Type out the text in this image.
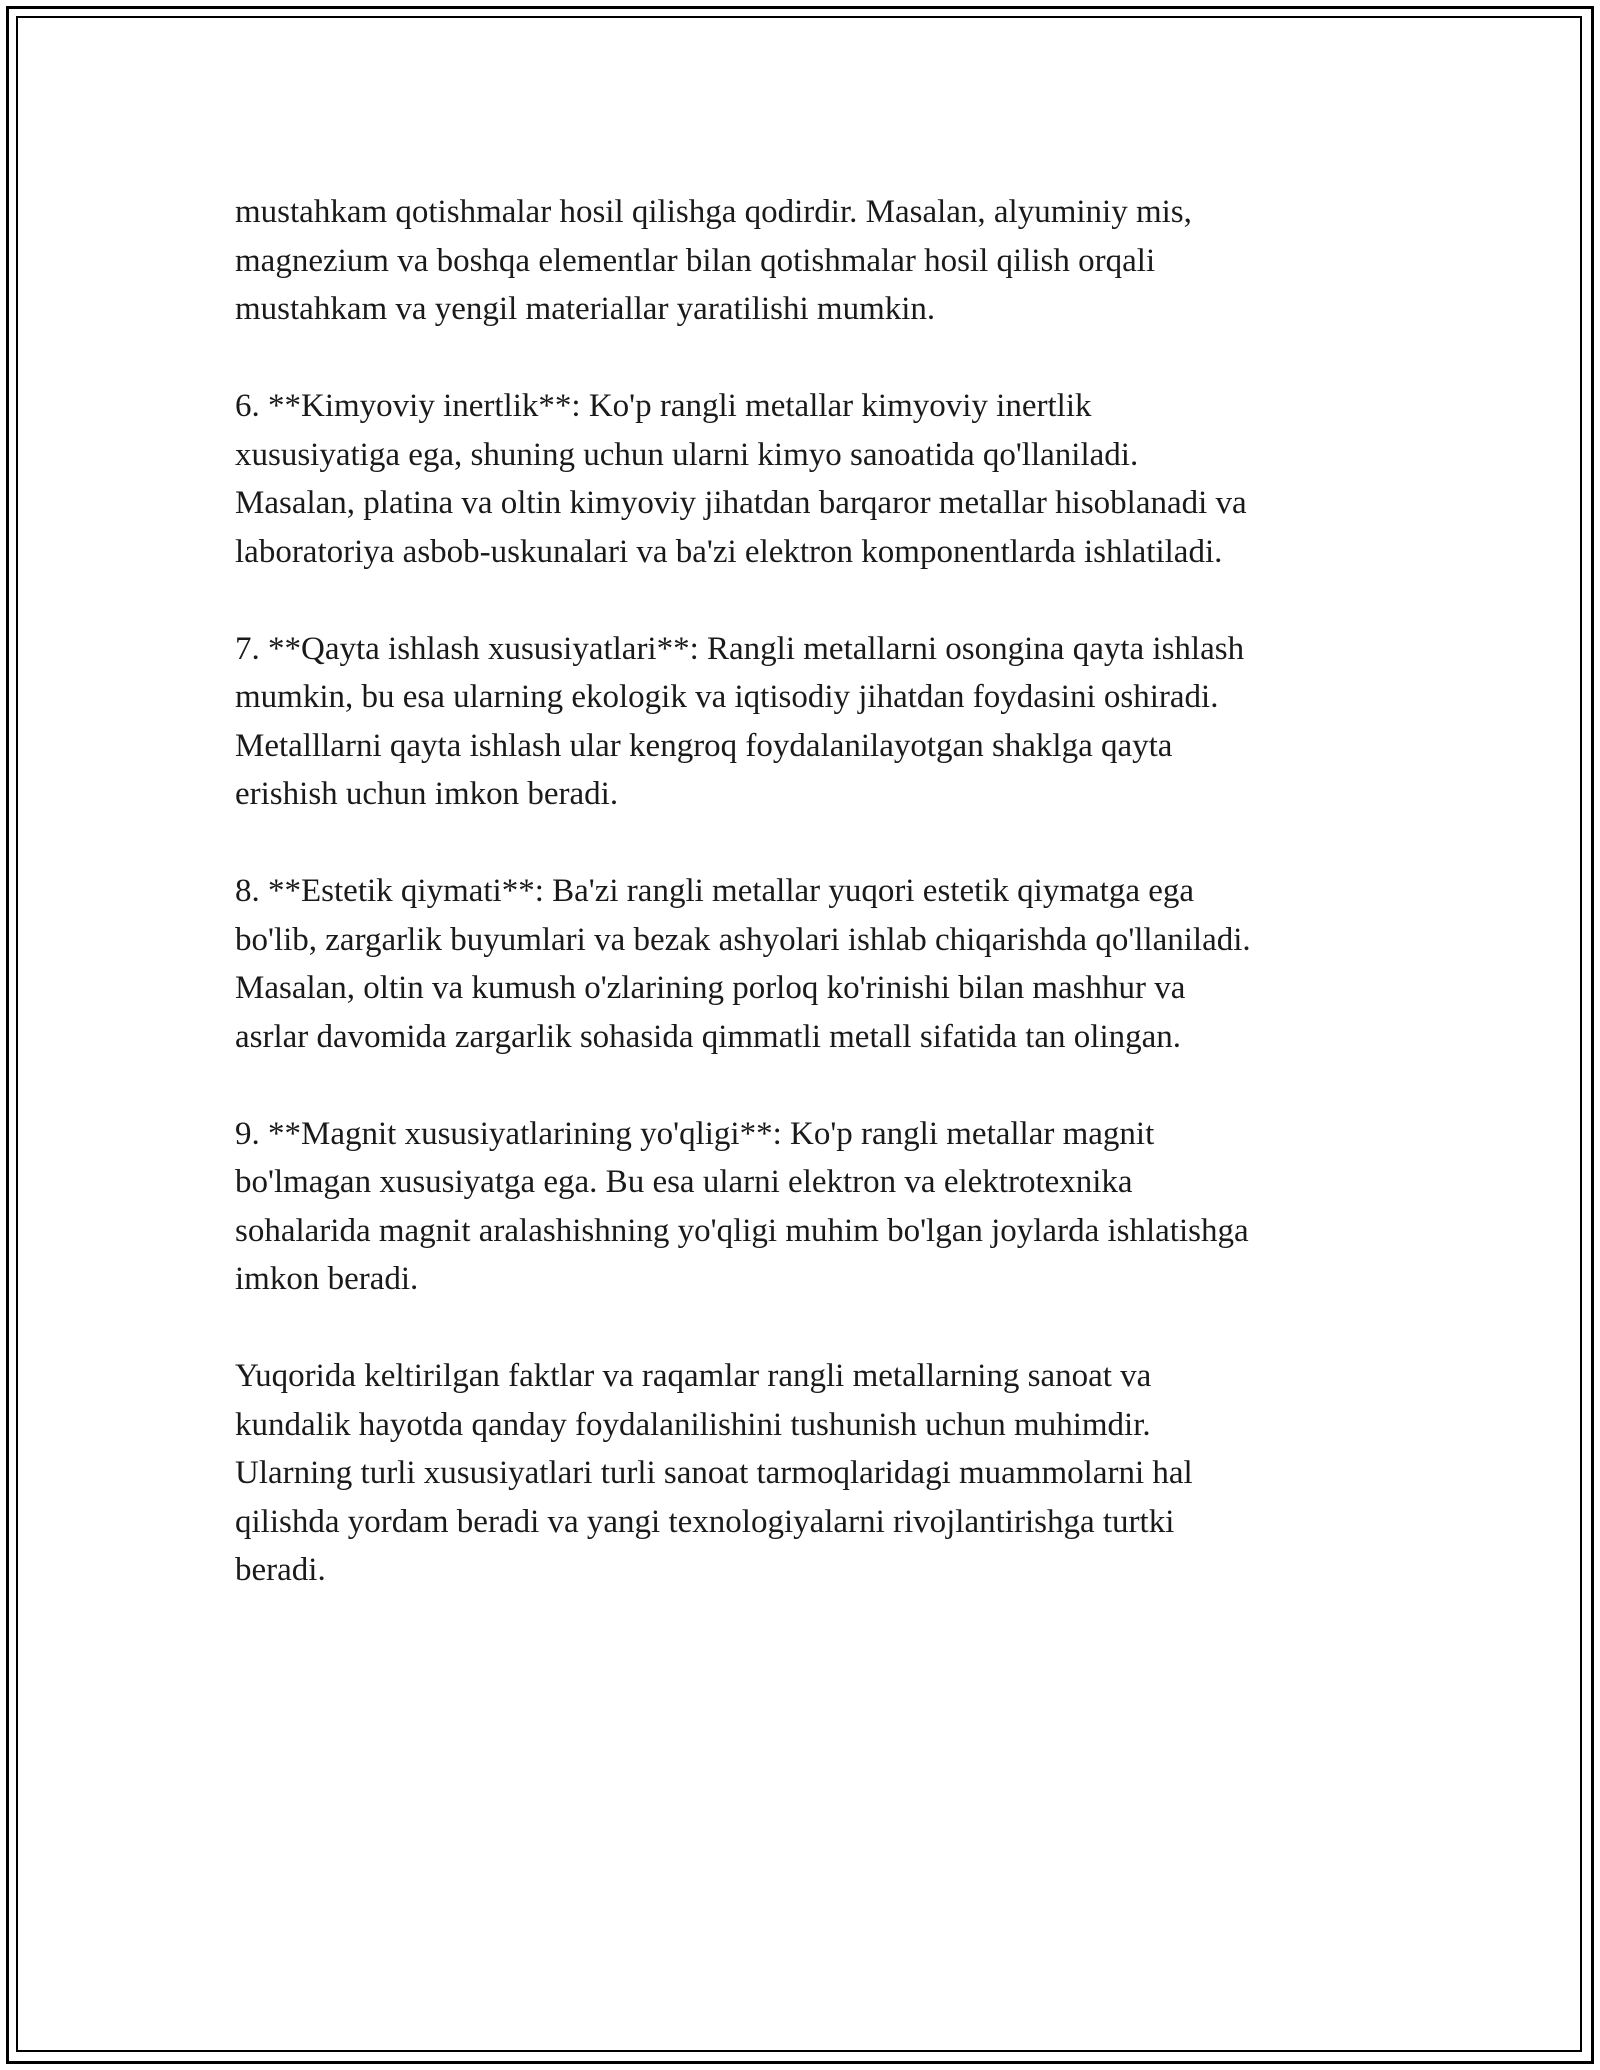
mustahkam qotishmalar hosil qilishga qodirdir. Masalan, alyuminiy mis,
magnezium va boshqa elementlar bilan qotishmalar hosil qilish orqali
mustahkam va yengil materiallar yaratilishi mumkin.
6. **Kimyoviy inertlik**: Ko'p rangli metallar kimyoviy inertlik
xususiyatiga ega, shuning uchun ularni kimyo sanoatida qo'llaniladi.
Masalan, platina va oltin kimyoviy jihatdan barqaror metallar hisoblanadi va
laboratoriya asbob-uskunalari va ba'zi elektron komponentlarda ishlatiladi.
7. **Qayta ishlash xususiyatlari**: Rangli metallarni osongina qayta ishlash
mumkin, bu esa ularning ekologik va iqtisodiy jihatdan foydasini oshiradi.
Metalllarni qayta ishlash ular kengroq foydalanilayotgan shaklga qayta
erishish uchun imkon beradi.
8. **Estetik qiymati**: Ba'zi rangli metallar yuqori estetik qiymatga ega
bo'lib, zargarlik buyumlari va bezak ashyolari ishlab chiqarishda qo'llaniladi.
Masalan, oltin va kumush o'zlarining porloq ko'rinishi bilan mashhur va
asrlar davomida zargarlik sohasida qimmatli metall sifatida tan olingan.
9. **Magnit xususiyatlarining yo'qligi**: Ko'p rangli metallar magnit
bo'lmagan xususiyatga ega. Bu esa ularni elektron va elektrotexnika
sohalarida magnit aralashishning yo'qligi muhim bo'lgan joylarda ishlatishga
imkon beradi.
Yuqorida keltirilgan faktlar va raqamlar rangli metallarning sanoat va
kundalik hayotda qanday foydalanilishini tushunish uchun muhimdir.
Ularning turli xususiyatlari turli sanoat tarmoqlaridagi muammolarni hal
qilishda yordam beradi va yangi texnologiyalarni rivojlantirishga turtki
beradi.
